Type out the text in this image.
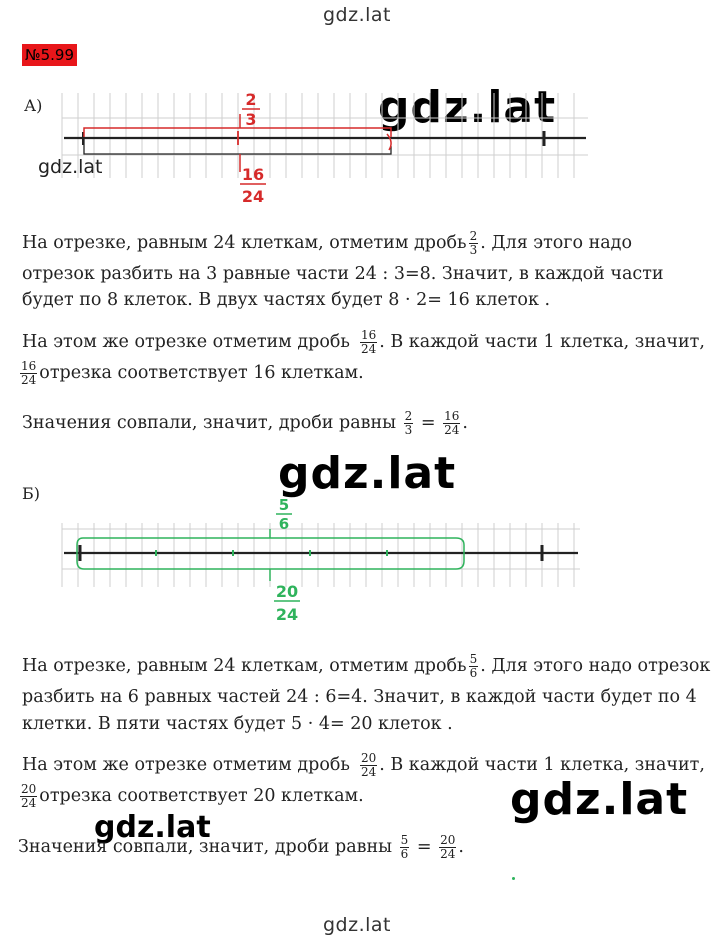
gdz.lat
№5.99
А)	gdz.lat
gdz.lat
2
3
16
24
На отрезке, равным 24 клеткам, отметим дробь $\frac{2}{3}$ . Для этого надо
отрезок разбить на 3 равные части 24 : 3=8. Значит, в каждой части
будет по 8 клеток. В двух частях будет 8 · 2= 16 клеток .
На этом же отрезке отметим дробь $\frac{16}{24}$ . В каждой части 1 клетка, значит,
$\frac{16}{24}$ отрезка соответствует 16 клеткам.
Значения совпали, значит, дроби равны $\frac{2}{3} = \frac{16}{24}$ .
gdz.lat
Б)
5
6
20
24
На отрезке, равным 24 клеткам, отметим дробь $\frac{5}{6}$ . Для этого надо отрезок
разбить на 6 равных частей 24 : 6=4. Значит, в каждой части будет по 4
клетки. В пяти частях будет 5 · 4= 20 клеток .
На этом же отрезке отметим дробь $\frac{20}{24}$ . В каждой части 1 клетка, значит,
$\frac{20}{24}$ отрезка соответствует 20 клеткам.
gdz.lat
gdz.lat
Значения совпали, значит, дроби равны $\frac{5}{6} = \frac{20}{24}$ .
gdz.lat
